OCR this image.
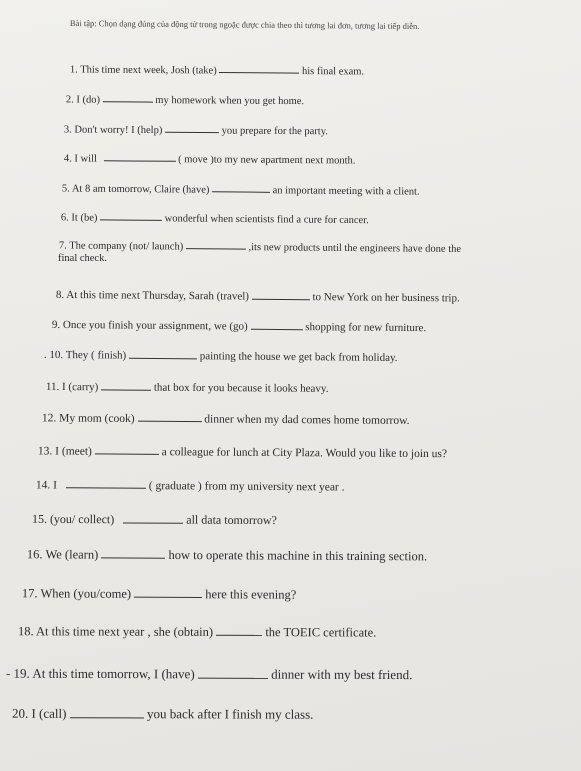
Bài tập: Chọn dạng đúng của động từ trong ngoặc được chia theo thì tương lai đơn, tương lai tiếp diễn.
1. This time next week, Josh (take)	his final exam.
2. I (do)	my homework when you get home.
3. Don't worry! I (help)	you prepare for the party.
4. I will	( move )to my new apartment next month.
5. At 8 am tomorrow, Claire (have)	an important meeting with a client.
6. It (be)	wonderful when scientists find a cure for cancer.
7. The company (not/ launch)	,its new products until the engineers have done the
final check.
8. At this time next Thursday, Sarah (travel)	to New York on her business trip.
9. Once you finish your assignment, we (go)	shopping for new furniture.
. 10. They ( finish)	painting the house we get back from holiday.
11. I (carry)	that box for you because it looks heavy.
12. My mom (cook)	dinner when my dad comes home tomorrow.
13. I (meet)	a colleague for lunch at City Plaza. Would you like to join us?
14. I	( graduate ) from my university next year .
15. (you/ collect)	all data tomorrow?
16. We (learn)	how to operate this machine in this training section.
17. When (you/come)	here this evening?
18. At this time next year , she (obtain)	the TOEIC certificate.
- 19. At this time tomorrow, I (have)	dinner with my best friend.
20. I (call)	you back after I finish my class.
